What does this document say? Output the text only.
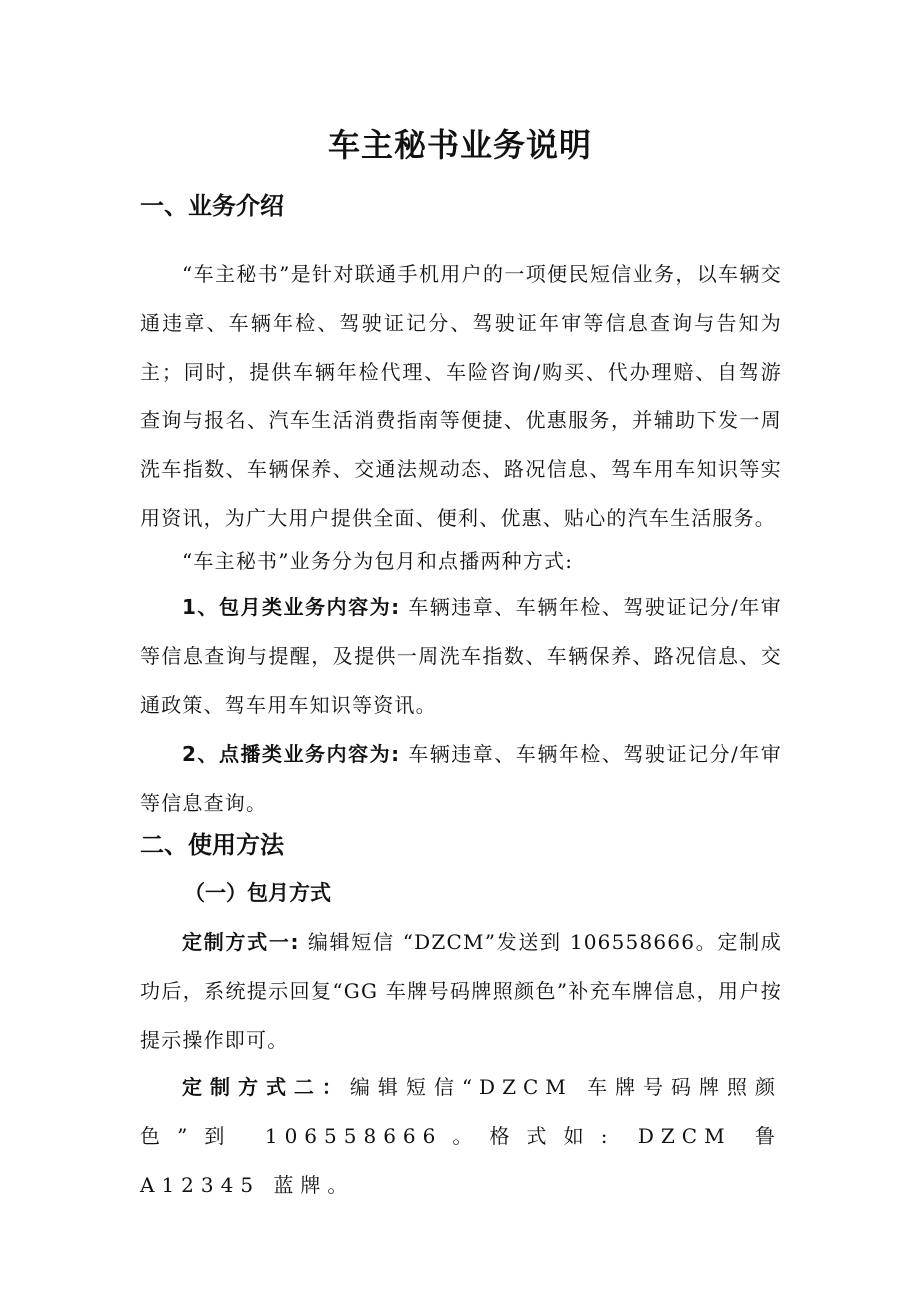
车主秘书业务说明
一、业务介绍

“车主秘书”是针对联通手机用户的一项便民短信业务，以车辆交通违章、车辆年检、驾驶证记分、驾驶证年审等信息查询与告知为主；同时，提供车辆年检代理、车险咨询/购买、代办理赔、自驾游查询与报名、汽车生活消费指南等便捷、优惠服务，并辅助下发一周洗车指数、车辆保养、交通法规动态、路况信息、驾车用车知识等实用资讯，为广大用户提供全面、便利、优惠、贴心的汽车生活服务。

“车主秘书”业务分为包月和点播两种方式:

1、包月类业务内容为: 车辆违章、车辆年检、驾驶证记分/年审等信息查询与提醒，及提供一周洗车指数、车辆保养、路况信息、交通政策、驾车用车知识等资讯。

2、点播类业务内容为: 车辆违章、车辆年检、驾驶证记分/年审等信息查询。

二、使用方法
（一）包月方式

定制方式一: 编辑短信 “DZCM”发送到 106558666。定制成功后，系统提示回复“GG 车牌号码牌照颜色”补充车牌信息，用户按提示操作即可。

定制方式二：编辑短信“DZCM 车牌号码牌照颜色”到 106558666。格式如: DZCM 鲁 A12345 蓝牌。
